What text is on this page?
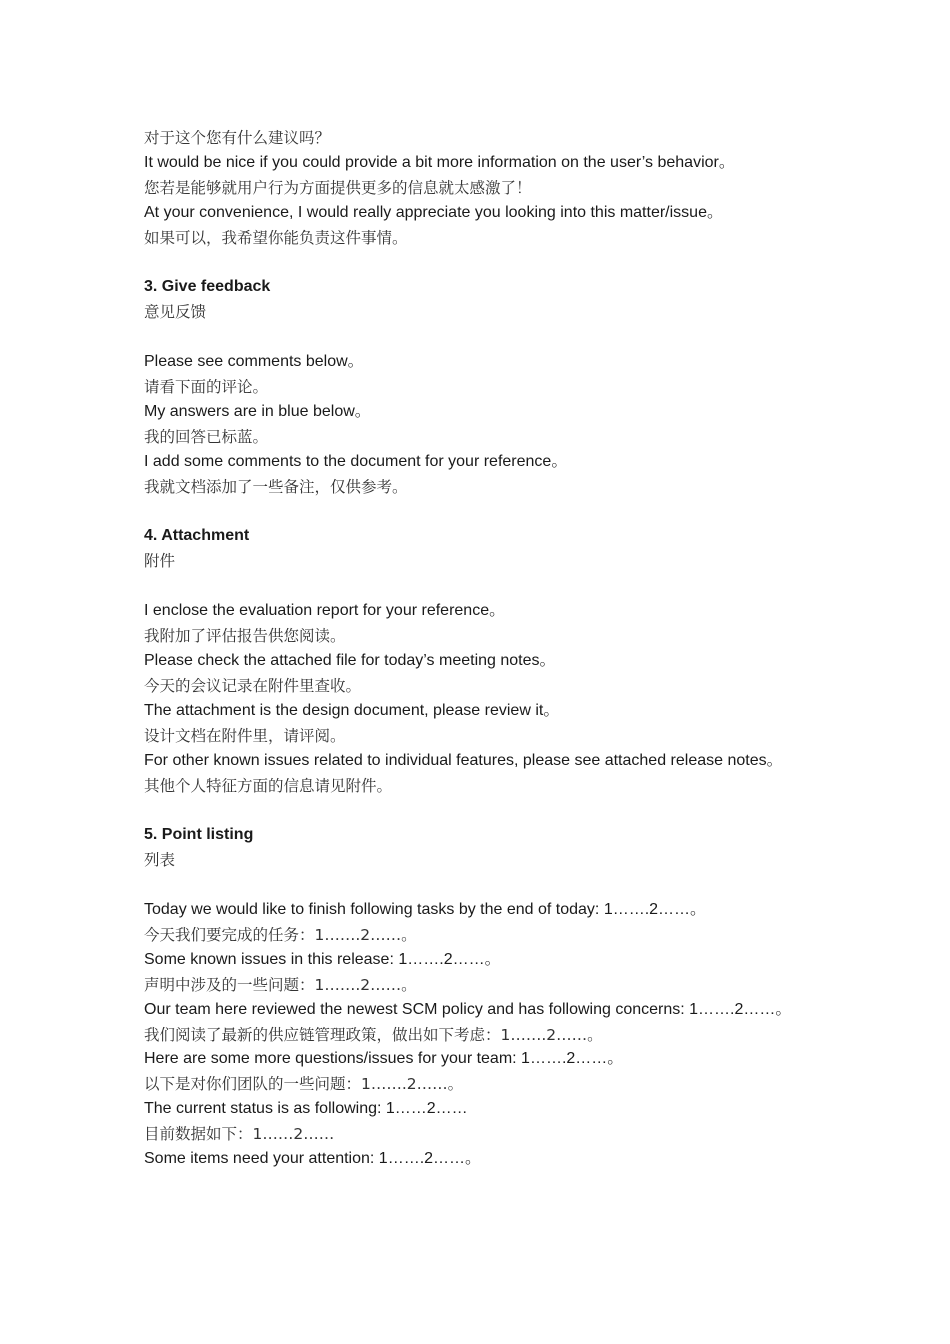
对于这个您有什么建议吗？
It would be nice if you could provide a bit more information on the user’s behavior。
您若是能够就用户行为方面提供更多的信息就太感激了！
At your convenience, I would really appreciate you looking into this matter/issue。
如果可以，我希望你能负责这件事情。
3. Give feedback
意见反馈
Please see comments below。
请看下面的评论。
My answers are in blue below。
我的回答已标蓝。
I add some comments to the document for your reference。
我就文档添加了一些备注，仅供参考。
4. Attachment
附件
I enclose the evaluation report for your reference。
我附加了评估报告供您阅读。
Please check the attached file for today’s meeting notes。
今天的会议记录在附件里查收。
The attachment is the design document, please review it。
设计文档在附件里，请评阅。
For other known issues related to individual features, please see attached release notes。
其他个人特征方面的信息请见附件。
5. Point listing
列表
Today we would like to finish following tasks by the end of today: 1…….2……。
今天我们要完成的任务：1…….2……。
Some known issues in this release: 1…….2……。
声明中涉及的一些问题：1…….2……。
Our team here reviewed the newest SCM policy and has following concerns: 1…….2……。
我们阅读了最新的供应链管理政策，做出如下考虑：1…….2……。
Here are some more questions/issues for your team: 1…….2……。
以下是对你们团队的一些问题：1…….2……。
The current status is as following: 1……2……
目前数据如下：1……2……
Some items need your attention: 1…….2……。
